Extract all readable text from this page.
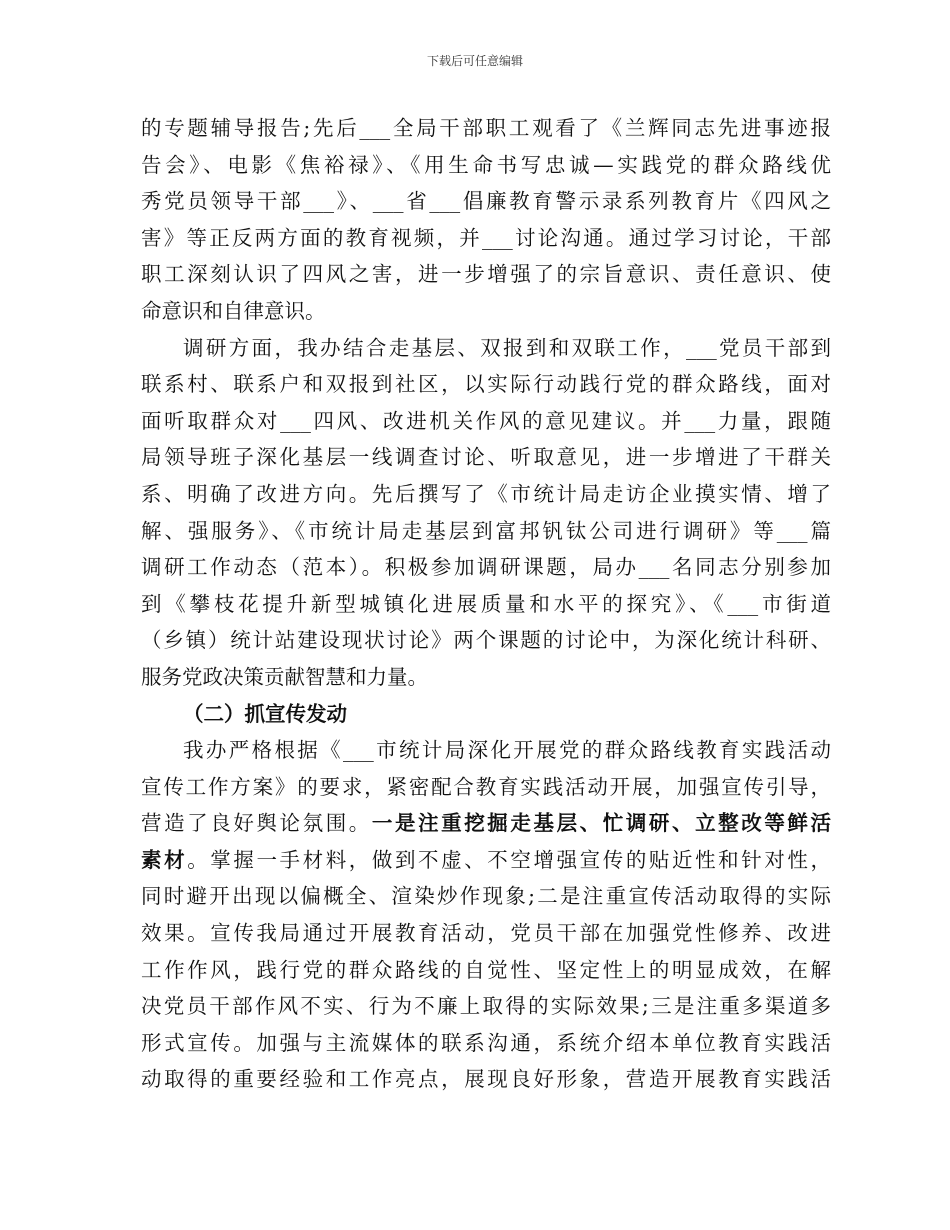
下载后可任意编辑
的专题辅导报告;先后___全局干部职工观看了《兰辉同志先进事迹报
告会》、电影《焦裕禄》、《用生命书写忠诚—实践党的群众路线优
秀党员领导干部___》、___省___倡廉教育警示录系列教育片《四风之
害》等正反两方面的教育视频，并___讨论沟通。通过学习讨论，干部
职工深刻认识了四风之害，进一步增强了的宗旨意识、责任意识、使
命意识和自律意识。
调研方面，我办结合走基层、双报到和双联工作，___党员干部到
联系村、联系户和双报到社区，以实际行动践行党的群众路线，面对
面听取群众对___四风、改进机关作风的意见建议。并___力量，跟随
局领导班子深化基层一线调查讨论、听取意见，进一步增进了干群关
系、明确了改进方向。先后撰写了《市统计局走访企业摸实情、增了
解、强服务》、《市统计局走基层到富邦钒钛公司进行调研》等___篇
调研工作动态（范本）。积极参加调研课题，局办___名同志分别参加
到《攀枝花提升新型城镇化进展质量和水平的探究》、《___市街道
（乡镇）统计站建设现状讨论》两个课题的讨论中，为深化统计科研、
服务党政决策贡献智慧和力量。
（二）抓宣传发动
我办严格根据《___市统计局深化开展党的群众路线教育实践活动
宣传工作方案》的要求，紧密配合教育实践活动开展，加强宣传引导，
营造了良好舆论氛围。一是注重挖掘走基层、忙调研、立整改等鲜活
素材。掌握一手材料，做到不虚、不空增强宣传的贴近性和针对性，
同时避开出现以偏概全、渲染炒作现象;二是注重宣传活动取得的实际
效果。宣传我局通过开展教育活动，党员干部在加强党性修养、改进
工作作风，践行党的群众路线的自觉性、坚定性上的明显成效，在解
决党员干部作风不实、行为不廉上取得的实际效果;三是注重多渠道多
形式宣传。加强与主流媒体的联系沟通，系统介绍本单位教育实践活
动取得的重要经验和工作亮点，展现良好形象，营造开展教育实践活
